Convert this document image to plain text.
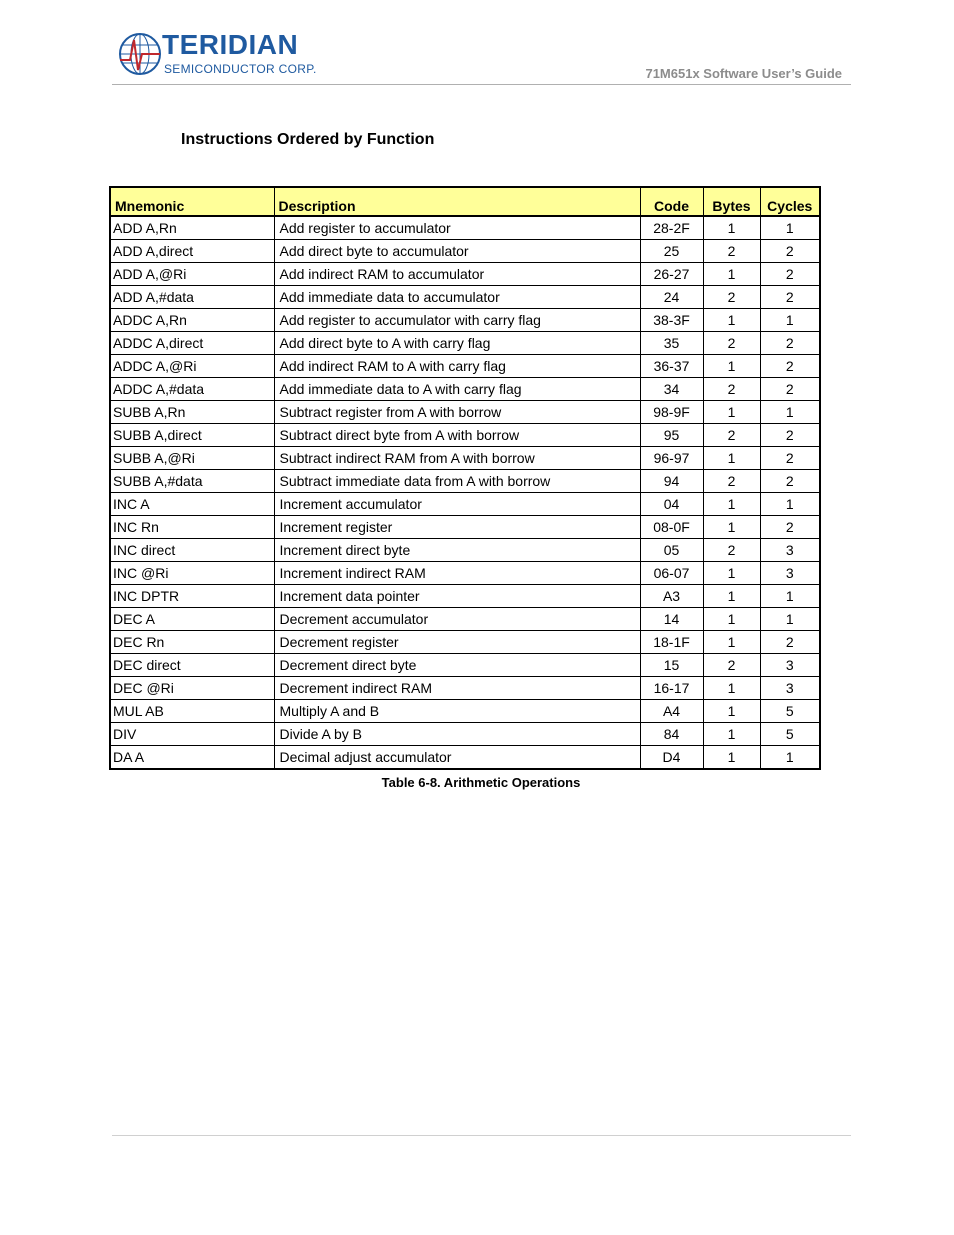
TERIDIAN
SEMICONDUCTOR CORP.	71M651x Software User’s Guide
Instructions Ordered by Function
Mnemonic	Description	Code	Bytes	Cycles
ADD A,Rn	Add register to accumulator	28-2F	1	1
ADD A,direct	Add direct byte to accumulator	25	2	2
ADD A,@Ri	Add indirect RAM to accumulator	26-27	1	2
ADD A,#data	Add immediate data to accumulator	24	2	2
ADDC A,Rn	Add register to accumulator with carry flag	38-3F	1	1
ADDC A,direct	Add direct byte to A with carry flag	35	2	2
ADDC A,@Ri	Add indirect RAM to A with carry flag	36-37	1	2
ADDC A,#data	Add immediate data to A with carry flag	34	2	2
SUBB A,Rn	Subtract register from A with borrow	98-9F	1	1
SUBB A,direct	Subtract direct byte from A with borrow	95	2	2
SUBB A,@Ri	Subtract indirect RAM from A with borrow	96-97	1	2
SUBB A,#data	Subtract immediate data from A with borrow	94	2	2
INC A	Increment accumulator	04	1	1
INC Rn	Increment register	08-0F	1	2
INC direct	Increment direct byte	05	2	3
INC @Ri	Increment indirect RAM	06-07	1	3
INC DPTR	Increment data pointer	A3	1	1
DEC A	Decrement accumulator	14	1	1
DEC Rn	Decrement register	18-1F	1	2
DEC direct	Decrement direct byte	15	2	3
DEC @Ri	Decrement indirect RAM	16-17	1	3
MUL AB	Multiply A and B	A4	1	5
DIV	Divide A by B	84	1	5
DA A	Decimal adjust accumulator	D4	1	1
Table 6-8. Arithmetic Operations
